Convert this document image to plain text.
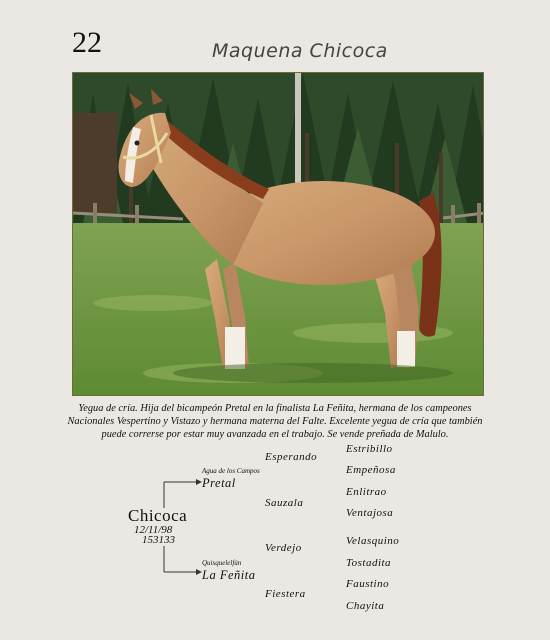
22	Maquena Chicoca
Yegua de cría. Hija del bicampeón Pretal en la finalista La Feñita, hermana de los campeones Nacionales Vespertino y Vistazo y hermana materna del Falte. Excelente yegua de cría que también puede correrse por estar muy avanzada en el trabajo. Se vende preñada de Malulo.
Chicoca
12/11/98
153133
Agua de los Campos
Pretal
Quisquelelfún
La Feñita
Esperando
Sauzala
Verdejo
Fiestera
Estribillo
Empeñosa
Enlitrao
Ventajosa
Velasquino
Tostadita
Faustino
Chayita
